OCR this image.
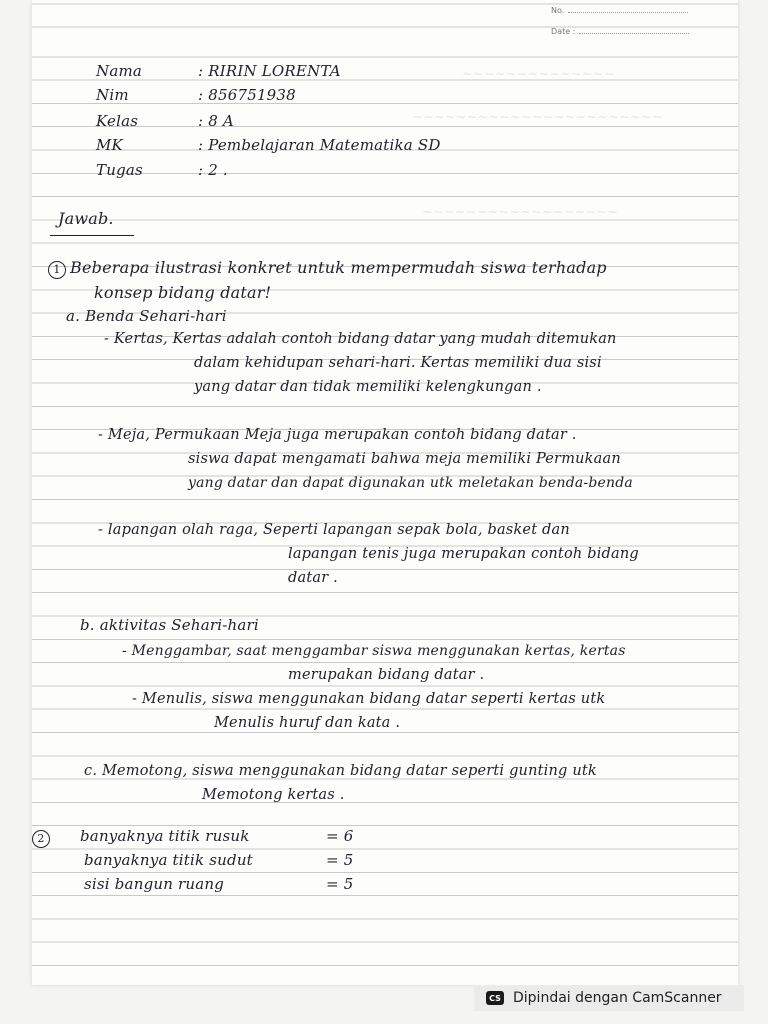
No.
Date :
~~~~~~~~~~~~~~
~~~~~~~~~~~~~~~~~~~~~~~
~~~~~~~~~~~~~~~~~~
Nama	: RIRIN LORENTA
Nim	: 856751938
Kelas	: 8 A
MK	: Pembelajaran Matematika SD
Tugas	: 2 .
Jawab.
1 Beberapa ilustrasi konkret untuk mempermudah siswa terhadap
konsep bidang datar!
a. Benda Sehari-hari
- Kertas, Kertas adalah contoh bidang datar yang mudah ditemukan
dalam kehidupan sehari-hari. Kertas memiliki dua sisi
yang datar dan tidak memiliki kelengkungan .
- Meja, Permukaan Meja juga merupakan contoh bidang datar .
siswa dapat mengamati bahwa meja memiliki Permukaan
yang datar dan dapat digunakan utk meletakan benda-benda
- lapangan olah raga, Seperti lapangan sepak bola, basket dan
lapangan tenis juga merupakan contoh bidang
datar .
b. aktivitas Sehari-hari
- Menggambar, saat menggambar siswa menggunakan kertas, kertas
merupakan bidang datar .
- Menulis, siswa menggunakan bidang datar seperti kertas utk
Menulis huruf dan kata .
c. Memotong, siswa menggunakan bidang datar seperti gunting utk
Memotong kertas .
2	banyaknya titik rusuk	= 6
banyaknya titik sudut	= 5
sisi bangun ruang	= 5
CS Dipindai dengan CamScanner
